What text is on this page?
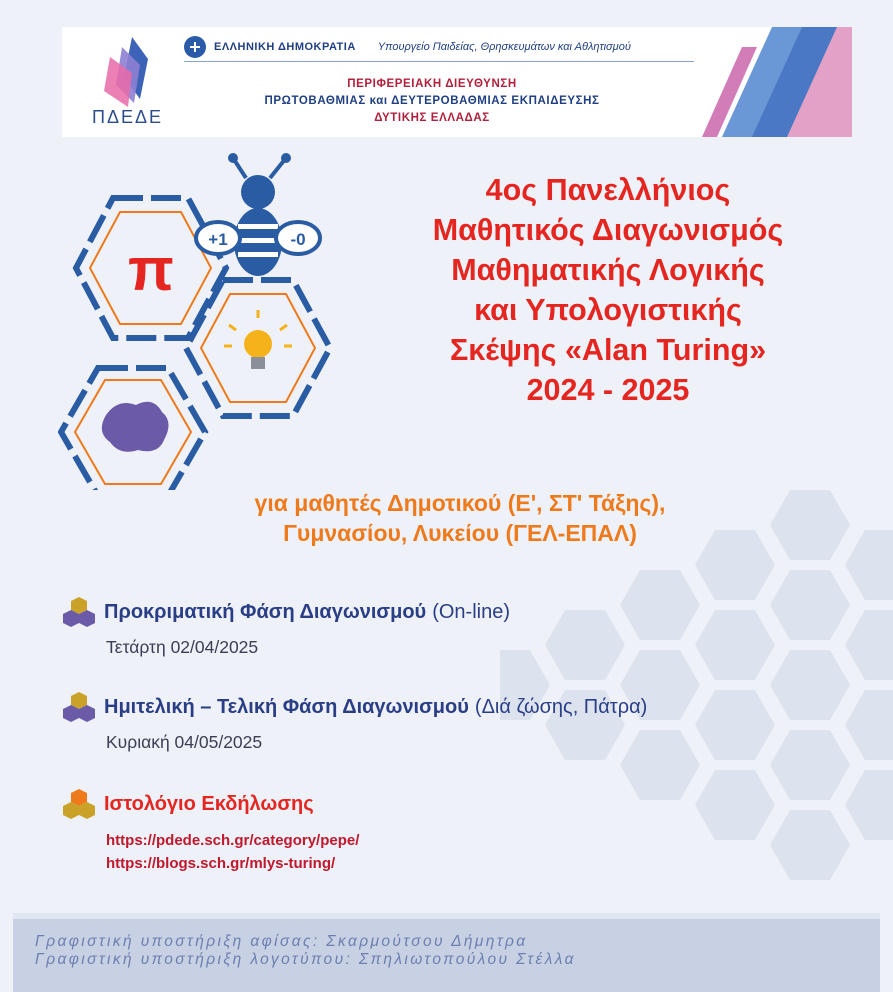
ΠΔΕΔΕ
ΕΛΛΗΝΙΚΗ ΔΗΜΟΚΡΑΤΙΑ Υπουργείο Παιδείας, Θρησκευμάτων και Αθλητισμού
ΠΕΡΙΦΕΡΕΙΑΚΗ ΔΙΕΥΘΥΝΣΗ
ΠΡΩΤΟΒΑΘΜΙΑΣ και ΔΕΥΤΕΡΟΒΑΘΜΙΑΣ ΕΚΠΑΙΔΕΥΣΗΣ
ΔΥΤΙΚΗΣ ΕΛΛΑΔΑΣ
π +1	-0
4ος Πανελλήνιος
Μαθητικός Διαγωνισμός
Μαθηματικής Λογικής
και Υπολογιστικής
Σκέψης «Alan Turing»
2024 - 2025
για μαθητές Δημοτικού (Ε', ΣΤ' Τάξης),
Γυμνασίου, Λυκείου (ΓΕΛ-ΕΠΑΛ)
Προκριματική Φάση Διαγωνισμού (On-line)
Τετάρτη 02/04/2025
Ημιτελική – Τελική Φάση Διαγωνισμού (Διά ζώσης, Πάτρα)
Κυριακή 04/05/2025
Ιστολόγιο Εκδήλωσης
https://pdede.sch.gr/category/pepe/
https://blogs.sch.gr/mlys-turing/
Γραφιστική υποστήριξη αφίσας: Σκαρμούτσου Δήμητρα
Γραφιστική υποστήριξη λογοτύπου: Σπηλιωτοπούλου Στέλλα
